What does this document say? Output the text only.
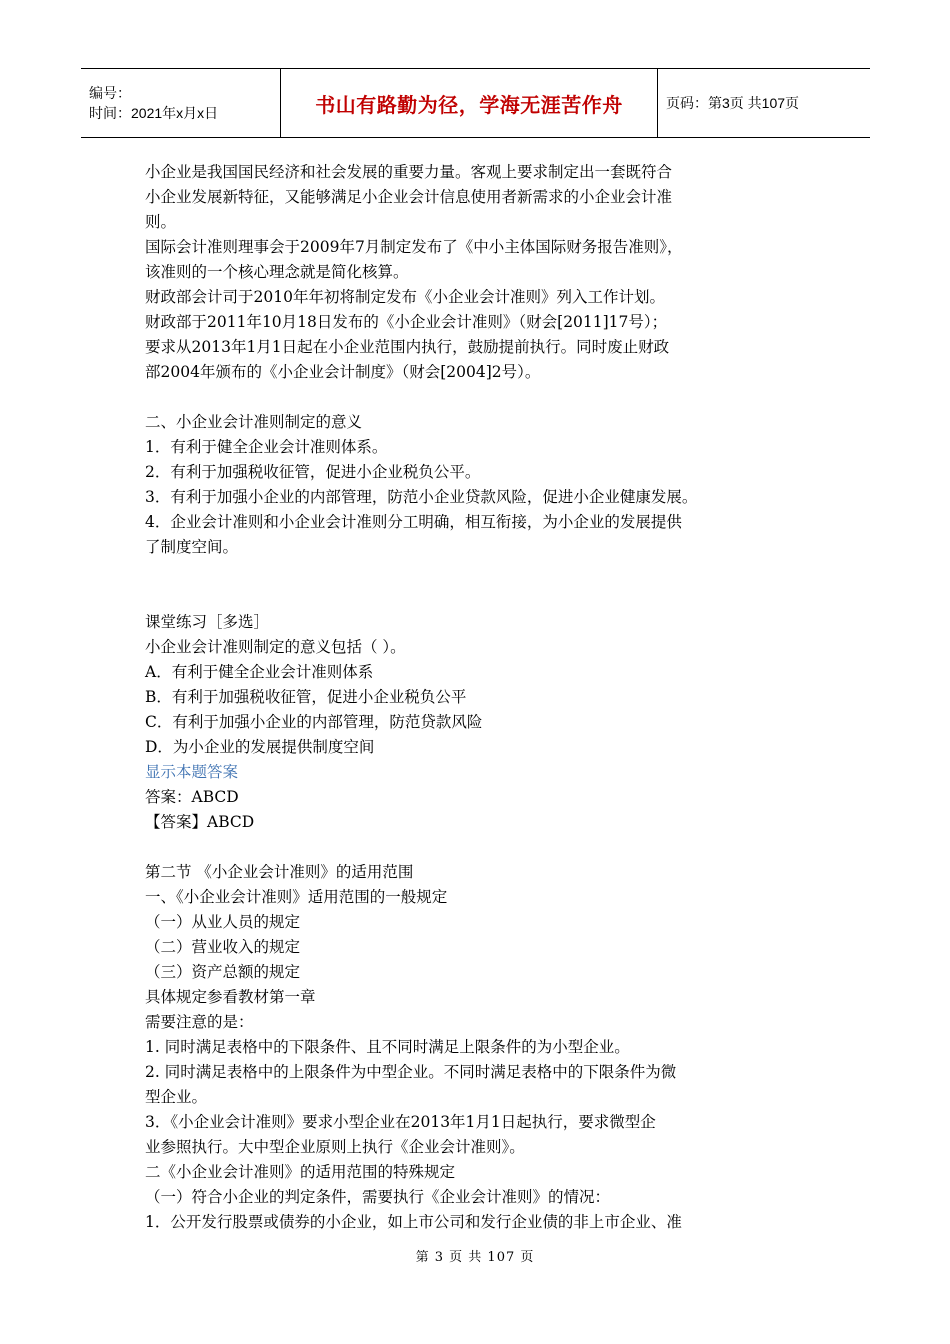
编号：
时间：2021年x月x日	书山有路勤为径，学海无涯苦作舟	页码：第3页 共107页

小企业是我国国民经济和社会发展的重要力量。客观上要求制定出一套既符合

小企业发展新特征，又能够满足小企业会计信息使用者新需求的小企业会计准

则。

国际会计准则理事会于2009年7月制定发布了《中小主体国际财务报告准则》，

该准则的一个核心理念就是简化核算。

财政部会计司于2010年年初将制定发布《小企业会计准则》列入工作计划。

财政部于2011年10月18日发布的《小企业会计准则》（财会[2011]17号）；

要求从2013年1月1日起在小企业范围内执行，鼓励提前执行。同时废止财政

部2004年颁布的《小企业会计制度》（财会[2004]2号）。

二、小企业会计准则制定的意义

1．有利于健全企业会计准则体系。

2．有利于加强税收征管，促进小企业税负公平。

3．有利于加强小企业的内部管理，防范小企业贷款风险，促进小企业健康发展。

4．企业会计准则和小企业会计准则分工明确，相互衔接，为小企业的发展提供

了制度空间。

课堂练习［多选］

小企业会计准则制定的意义包括（ ）。

A．有利于健全企业会计准则体系

B．有利于加强税收征管，促进小企业税负公平

C．有利于加强小企业的内部管理，防范贷款风险

D．为小企业的发展提供制度空间

显示本题答案

答案：ABCD

【答案】ABCD

第二节 《小企业会计准则》的适用范围

一、《小企业会计准则》适用范围的一般规定

（一）从业人员的规定

（二）营业收入的规定

（三）资产总额的规定

具体规定参看教材第一章

需要注意的是：

1. 同时满足表格中的下限条件、且不同时满足上限条件的为小型企业。

2. 同时满足表格中的上限条件为中型企业。不同时满足表格中的下限条件为微

型企业。

3．《小企业会计准则》要求小型企业在2013年1月1日起执行，要求微型企

业参照执行。大中型企业原则上执行《企业会计准则》。

二《小企业会计准则》的适用范围的特殊规定

（一）符合小企业的判定条件，需要执行《企业会计准则》的情况：

1．公开发行股票或债券的小企业，如上市公司和发行企业债的非上市企业、准

第 3 页 共 107 页
